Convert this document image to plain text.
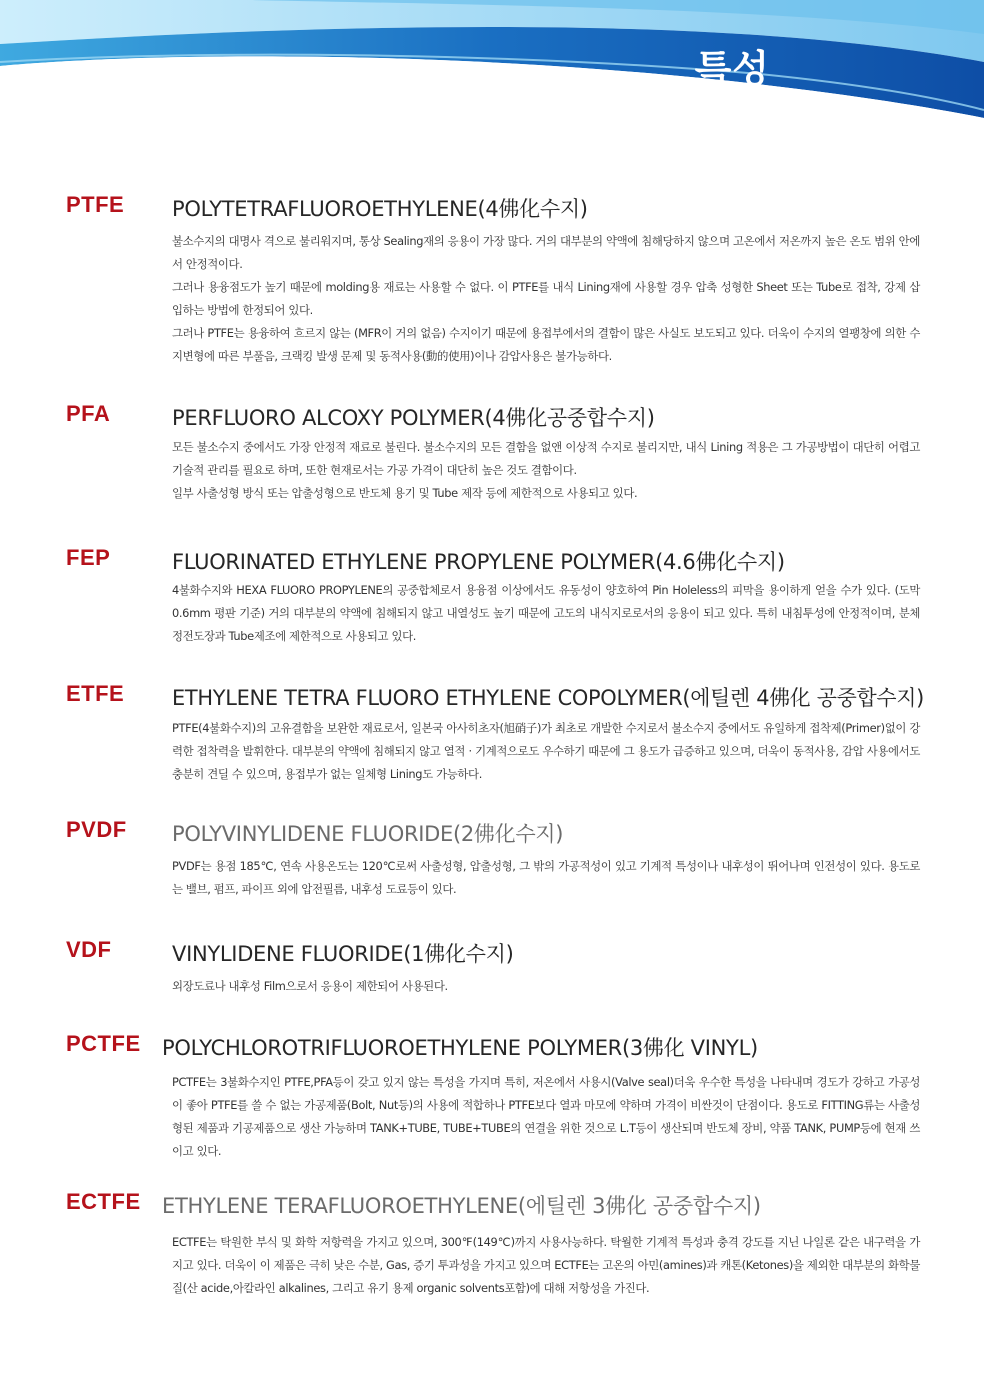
특성
PTFE POLYTETRAFLUOROETHYLENE(4佛化수지)

불소수지의 대명사 격으로 불리워지며, 통상 Sealing재의 응용이 가장 많다. 거의 대부분의 약액에 침해당하지 않으며 고온에서 저온까지 높은 온도 범위 안에서 안정적이다.

그러나 용융점도가 높기 때문에 molding용 재료는 사용할 수 없다. 이 PTFE를 내식 Lining재에 사용할 경우 압축 성형한 Sheet 또는 Tube로 접착, 강제 삽입하는 방법에 한정되어 있다.

그러나 PTFE는 용융하여 흐르지 않는 (MFR이 거의 없음) 수지이기 때문에 용접부에서의 결함이 많은 사실도 보도되고 있다. 더욱이 수지의 열팽창에 의한 수지변형에 따른 부풀음, 크랙킹 발생 문제 및 동적사용(動的使用)이나 감압사용은 불가능하다.

PFA	PERFLUORO ALCOXY POLYMER(4佛化공중합수지)

모든 불소수지 중에서도 가장 안정적 재료로 불린다. 불소수지의 모든 결함을 없앤 이상적 수지로 불리지만, 내식 Lining 적용은 그 가공방법이 대단히 어렵고 기술적 관리를 필요로 하며, 또한 현재로서는 가공 가격이 대단히 높은 것도 결함이다.

일부 사출성형 방식 또는 압출성형으로 반도체 용기 및 Tube 제작 등에 제한적으로 사용되고 있다.

FEP	FLUORINATED ETHYLENE PROPYLENE POLYMER(4.6佛化수지)

4불화수지와 HEXA FLUORO PROPYLENE의 공중합체로서 용융점 이상에서도 유동성이 양호하여 Pin Holeless의 피막을 용이하게 얻을 수가 있다. (도막 0.6mm 평판 기준) 거의 대부분의 약액에 침해되지 않고 내열성도 높기 때문에 고도의 내식지로로서의 응용이 되고 있다. 특히 내침투성에 안정적이며, 분체정전도장과 Tube제조에 제한적으로 사용되고 있다.

ETFE ETHYLENE TETRA FLUORO ETHYLENE COPOLYMER(에틸렌 4佛化 공중합수지)

PTFE(4불화수지)의 고유결함을 보완한 재료로서, 일본국 아사히초자(旭硝子)가 최초로 개발한 수지로서 불소수지 중에서도 유일하게 접착제(Primer)없이 강력한 접착력을 발휘한다. 대부분의 약액에 침해되지 않고 열적 · 기계적으로도 우수하기 때문에 그 용도가 급증하고 있으며, 더욱이 동적사용, 감압 사용에서도 충분히 견딜 수 있으며, 용접부가 없는 일체형 Lining도 가능하다.

PVDF POLYVINYLIDENE FLUORIDE(2佛化수지)

PVDF는 용점 185℃, 연속 사용온도는 120℃로써 사출성형, 압출성형, 그 밖의 가공적성이 있고 기계적 특성이나 내후성이 뛰어나며 인전성이 있다. 용도로는 밸브, 펌프, 파이프 외에 압전필름, 내후성 도료등이 있다.

VDF	VINYLIDENE FLUORIDE(1佛化수지)

외장도료나 내후성 Film으로서 응용이 제한되어 사용된다.

PCTFE POLYCHLOROTRIFLUOROETHYLENE POLYMER(3佛化 VINYL)

PCTFE는 3불화수지인 PTFE,PFA등이 갖고 있지 않는 특성을 가지며 특히, 저온에서 사용시(Valve seal)더욱 우수한 특성을 나타내며 경도가 강하고 가공성이 좋아 PTFE를 쓸 수 없는 가공제품(Bolt, Nut등)의 사용에 적합하나 PTFE보다 열과 마모에 약하며 가격이 비싼것이 단점이다. 용도로 FITTING류는 사출성형된 제품과 기공제품으로 생산 가능하며 TANK+TUBE, TUBE+TUBE의 연결을 위한 것으로 L.T등이 생산되며 반도체 장비, 약품 TANK, PUMP등에 현재 쓰이고 있다.

ECTFE ETHYLENE TERAFLUOROETHYLENE(에틸렌 3佛化 공중합수지)

ECTFE는 탁원한 부식 및 화학 저항력을 가지고 있으며, 300℉(149℃)까지 사용사능하다. 탁월한 기계적 특성과 충격 강도를 지닌 나일론 같은 내구력을 가지고 있다. 더욱이 이 제품은 극히 낮은 수분, Gas, 증기 투과성을 가지고 있으며 ECTFE는 고온의 아민(amines)과 캐톤(Ketones)을 제외한 대부분의 화학물질(산 acide,아칼라인 alkalines, 그리고 유기 용제 organic solvents포함)에 대해 저항성을 가진다.
